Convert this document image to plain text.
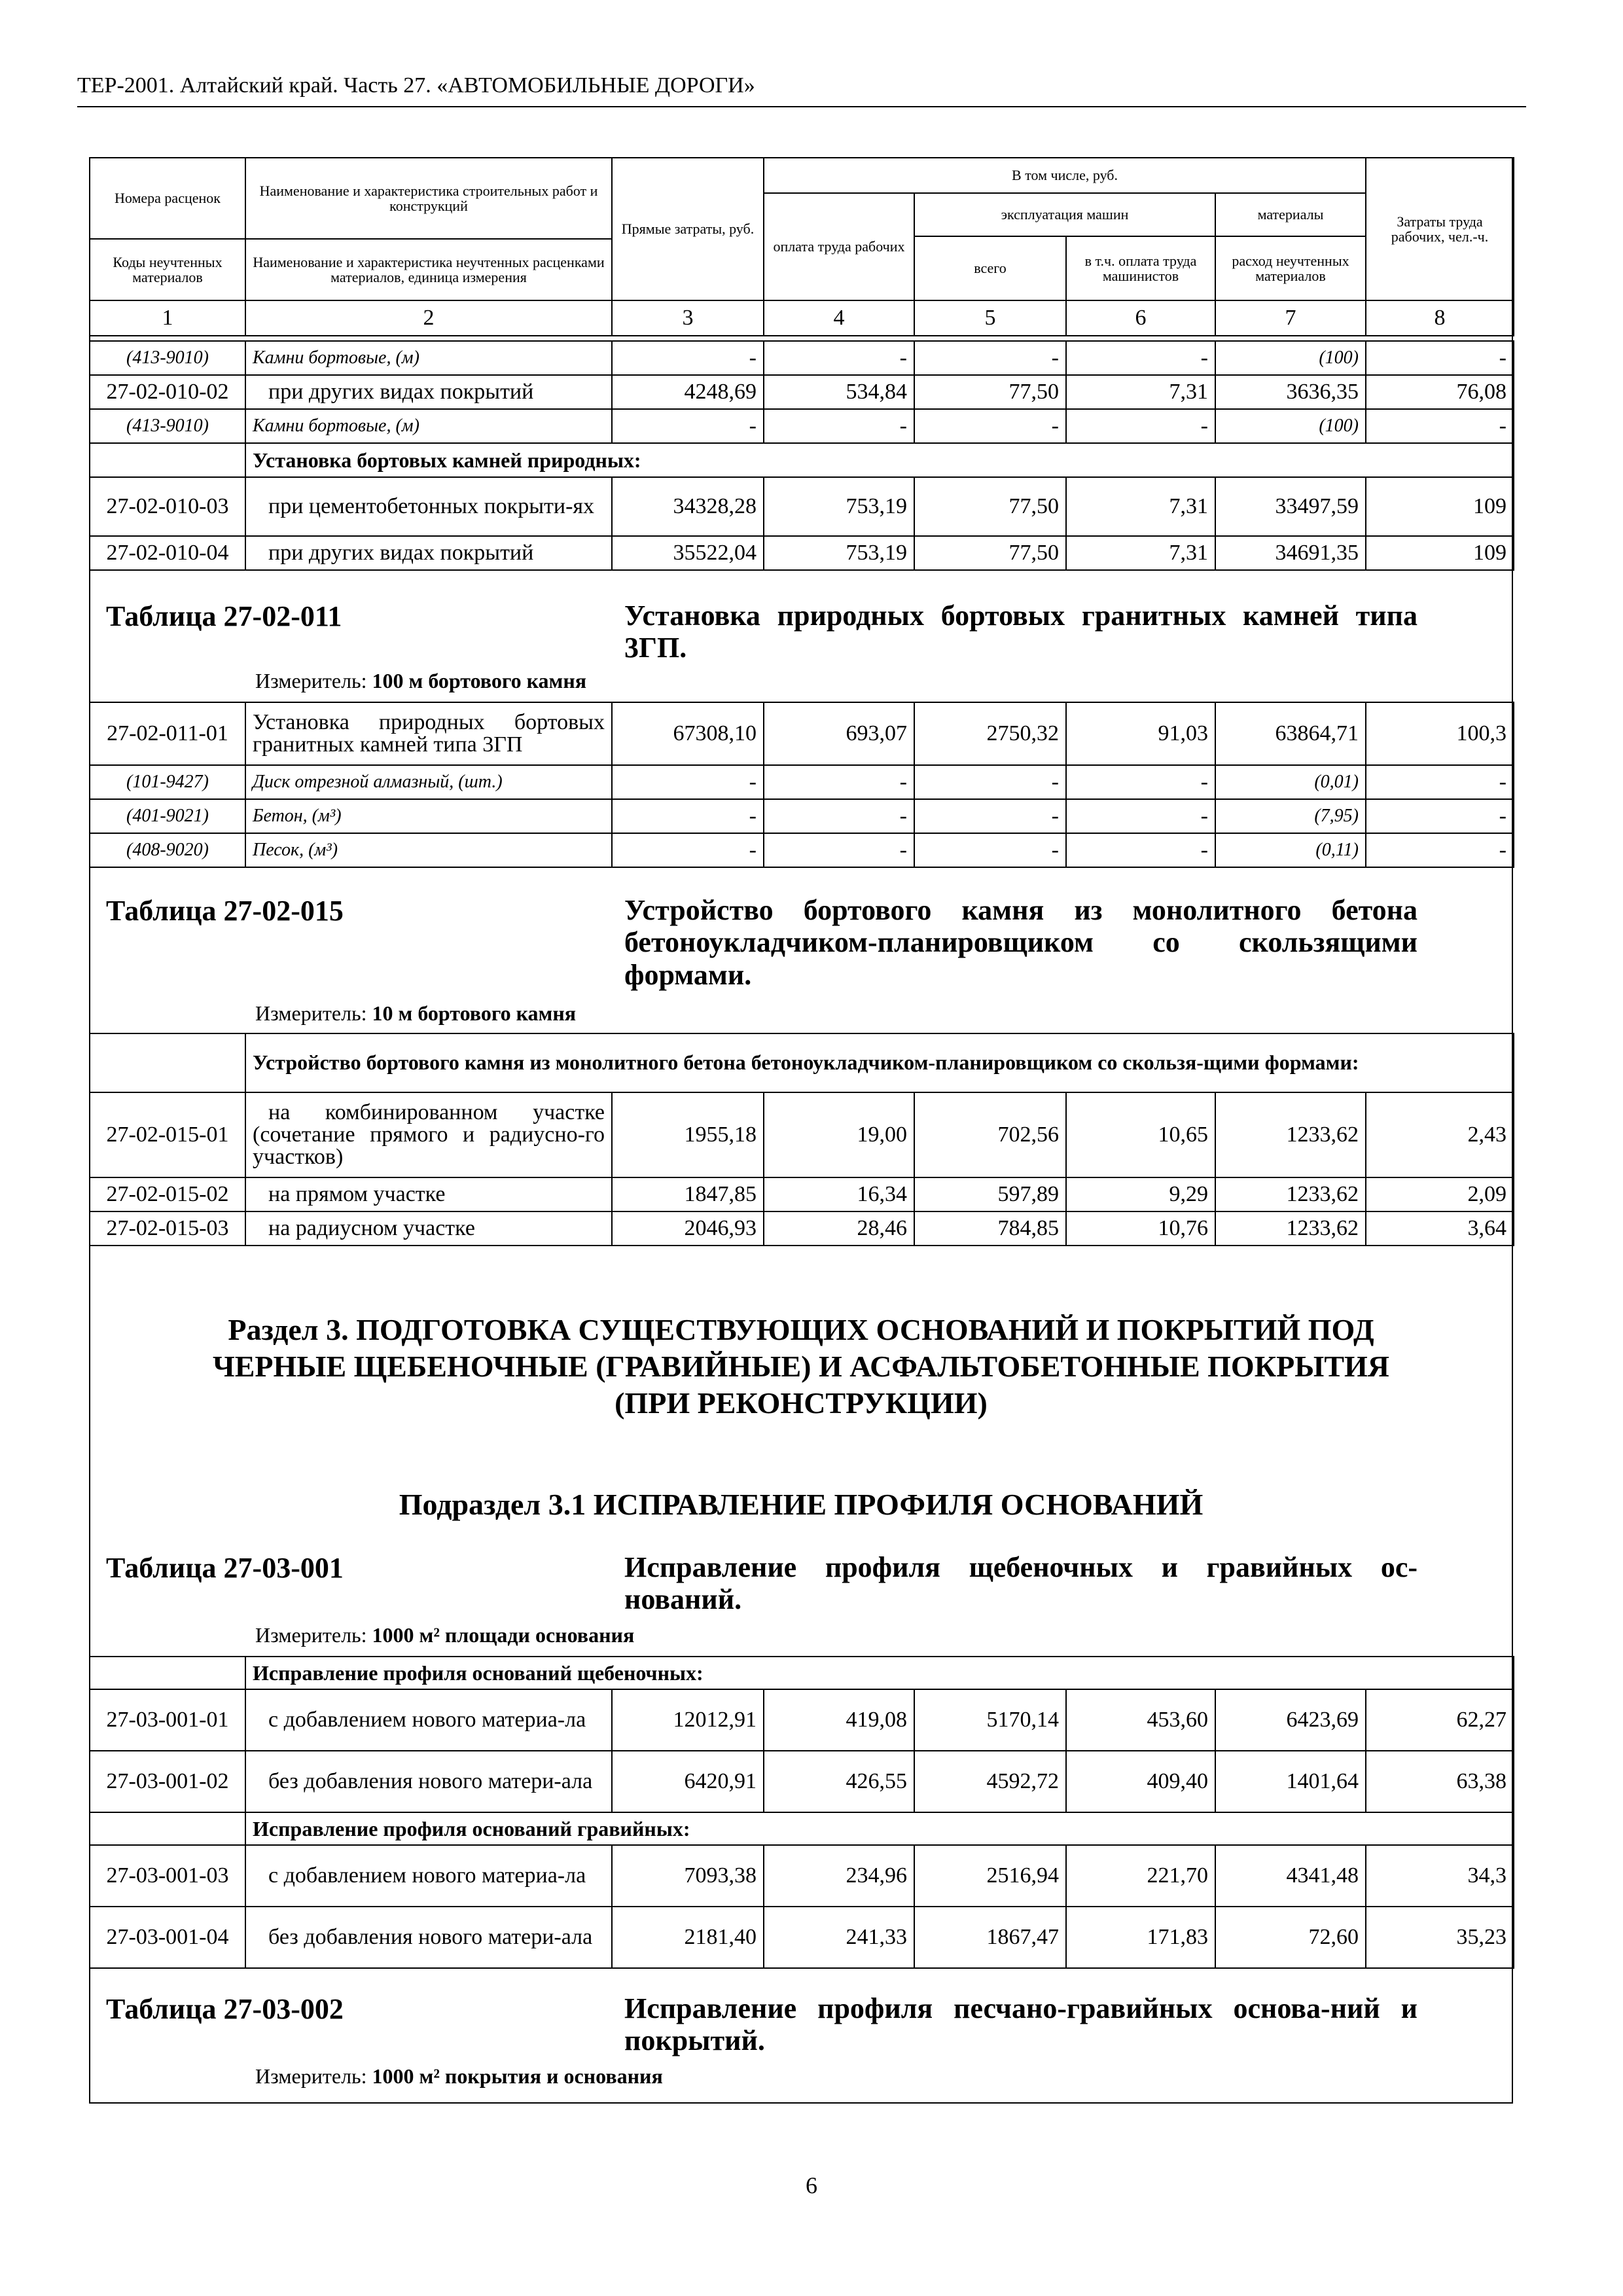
ТЕР-2001. Алтайский край. Часть 27. «АВТОМОБИЛЬНЫЕ ДОРОГИ»
Номера расценок	Наименование и характеристика строительных работ и конструкций	Прямые затраты, руб.	В том числе, руб.				Затраты труда рабочих, чел.-ч.
			оплата труда рабочих	эксплуатация машин		материалы	
				всего	в т.ч. оплата труда машинистов	расход неучтенных материалов	
Коды неучтенных материалов	Наименование и характеристика неучтенных расценками материалов, единица измерения						
1	2	3	4	5	6	7	8
(413-9010)	Камни бортовые, (м)	-	-	-	-	(100)	-
27-02-010-02	при других видах покрытий	4248,69	534,84	77,50	7,31	3636,35	76,08
(413-9010)	Камни бортовые, (м)	-	-	-	-	(100)	-
	Установка бортовых камней природных:						
27-02-010-03	при цементобетонных покрыти-ях	34328,28	753,19	77,50	7,31	33497,59	109
27-02-010-04	при других видах покрытий	35522,04	753,19	77,50	7,31	34691,35	109
Таблица 27-02-011	Установка природных бортовых гранитных камней типа 3ГП.
Измеритель: 100 м бортового камня
27-02-011-01	Установка природных бортовых гранитных камней типа 3ГП	67308,10	693,07	2750,32	91,03	63864,71	100,3
(101-9427)	Диск отрезной алмазный, (шт.)	-	-	-	-	(0,01)	-
(401-9021)	Бетон, (м³)	-	-	-	-	(7,95)	-
(408-9020)	Песок, (м³)	-	-	-	-	(0,11)	-
Таблица 27-02-015	Устройство бортового камня из монолитного бетона бетоноукладчиком-планировщиком со скользящими формами.
Измеритель: 10 м бортового камня
	Устройство бортового камня из монолитного бетона бетоноукладчиком-планировщиком со скользя-щими формами:						
27-02-015-01	на комбинированном участке (сочетание прямого и радиусно-го участков)	1955,18	19,00	702,56	10,65	1233,62	2,43
27-02-015-02	на прямом участке	1847,85	16,34	597,89	9,29	1233,62	2,09
27-02-015-03	на радиусном участке	2046,93	28,46	784,85	10,76	1233,62	3,64
Раздел 3. ПОДГОТОВКА СУЩЕСТВУЮЩИХ ОСНОВАНИЙ И ПОКРЫТИЙ ПОД
ЧЕРНЫЕ ЩЕБЕНОЧНЫЕ (ГРАВИЙНЫЕ) И АСФАЛЬТОБЕТОННЫЕ ПОКРЫТИЯ
(ПРИ РЕКОНСТРУКЦИИ)
Подраздел 3.1 ИСПРАВЛЕНИЕ ПРОФИЛЯ ОСНОВАНИЙ
Таблица 27-03-001	Исправление профиля щебеночных и гравийных ос-нований.
Измеритель: 1000 м² площади основания
	Исправление профиля оснований щебеночных:						
27-03-001-01	с добавлением нового материа-ла	12012,91	419,08	5170,14	453,60	6423,69	62,27
27-03-001-02	без добавления нового матери-ала	6420,91	426,55	4592,72	409,40	1401,64	63,38
	Исправление профиля оснований гравийных:						
27-03-001-03	с добавлением нового материа-ла	7093,38	234,96	2516,94	221,70	4341,48	34,3
27-03-001-04	без добавления нового матери-ала	2181,40	241,33	1867,47	171,83	72,60	35,23
Таблица 27-03-002	Исправление профиля песчано-гравийных основа-ний и покрытий.
Измеритель: 1000 м² покрытия и основания
6
